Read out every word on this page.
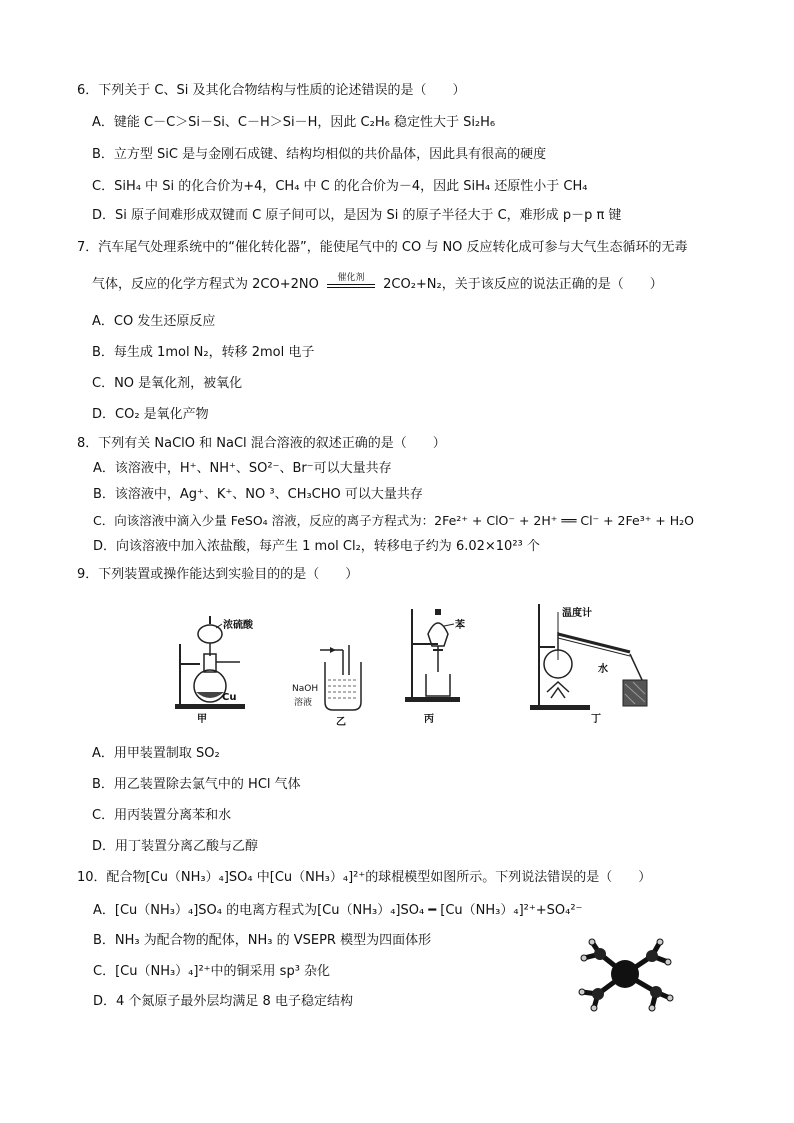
6．下列关于 C、Si 及其化合物结构与性质的论述错误的是（　　）
A．键能 C－C＞Si－Si、C－H＞Si－H，因此 C₂H₆ 稳定性大于 Si₂H₆
B．立方型 SiC 是与金刚石成键、结构均相似的共价晶体，因此具有很高的硬度
C．SiH₄ 中 Si 的化合价为+4，CH₄ 中 C 的化合价为－4，因此 SiH₄ 还原性小于 CH₄
D．Si 原子间难形成双键而 C 原子间可以，是因为 Si 的原子半径大于 C，难形成 p－p π 键
7．汽车尾气处理系统中的“催化转化器”，能使尾气中的 CO 与 NO 反应转化成可参与大气生态循环的无毒
气体，反应的化学方程式为 2CO+2NO	催化剂	2CO₂+N₂，关于该反应的说法正确的是（　　）
A．CO 发生还原反应
B．每生成 1mol N₂，转移 2mol 电子
C．NO 是氧化剂，被氧化
D．CO₂ 是氧化产物
8．下列有关 NaClO 和 NaCl 混合溶液的叙述正确的是（　　）
A．该溶液中，H⁺、NH⁺、SO²⁻、Br⁻可以大量共存
B．该溶液中，Ag⁺、K⁺、NO ³、CH₃CHO 可以大量共存
C．向该溶液中滴入少量 FeSO₄ 溶液，反应的离子方程式为：2Fe²⁺ + ClO⁻ + 2H⁺ ══ Cl⁻ + 2Fe³⁺ + H₂O
D．向该溶液中加入浓盐酸，每产生 1 mol Cl₂，转移电子约为 6.02×10²³ 个
9．下列装置或操作能达到实验目的的是（　　）
浓硫酸
Cu
甲
NaOH
溶液
乙
苯
丙
温度计
水
丁
A．用甲装置制取 SO₂
B．用乙装置除去氯气中的 HCl 气体
C．用丙装置分离苯和水
D．用丁装置分离乙酸与乙醇
10．配合物[Cu（NH₃）₄]SO₄ 中[Cu（NH₃）₄]²⁺的球棍模型如图所示。下列说法错误的是（　　）
A．[Cu（NH₃）₄]SO₄ 的电离方程式为[Cu（NH₃）₄]SO₄ ━ [Cu（NH₃）₄]²⁺+SO₄²⁻
B．NH₃ 为配合物的配体，NH₃ 的 VSEPR 模型为四面体形
C．[Cu（NH₃）₄]²⁺中的铜采用 sp³ 杂化
D．4 个氮原子最外层均满足 8 电子稳定结构
